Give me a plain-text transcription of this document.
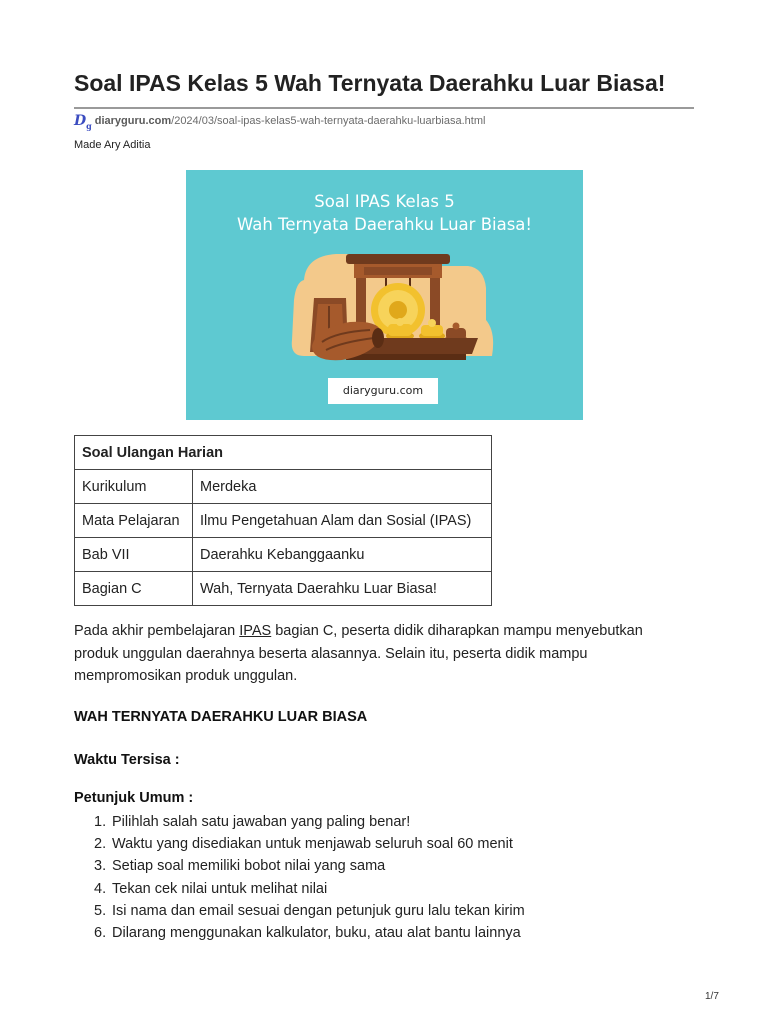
Soal IPAS Kelas 5 Wah Ternyata Daerahku Luar Biasa!
$D_g$ diaryguru.com/2024/03/soal-ipas-kelas5-wah-ternyata-daerahku-luarbiasa.html
Made Ary Aditia
Soal IPAS Kelas 5
Wah Ternyata Daerahku Luar Biasa!
diaryguru.com
Soal Ulangan Harian	
Kurikulum	Merdeka
Mata Pelajaran	Ilmu Pengetahuan Alam dan Sosial (IPAS)
Bab VII	Daerahku Kebanggaanku
Bagian C	Wah, Ternyata Daerahku Luar Biasa!
Pada akhir pembelajaran IPAS bagian C, peserta didik diharapkan mampu menyebutkan produk unggulan daerahnya beserta alasannya. Selain itu, peserta didik mampu mempromosikan produk unggulan.
WAH TERNYATA DAERAHKU LUAR BIASA
Waktu Tersisa :
Petunjuk Umum :
1. Pilihlah salah satu jawaban yang paling benar!
2. Waktu yang disediakan untuk menjawab seluruh soal 60 menit
3. Setiap soal memiliki bobot nilai yang sama
4. Tekan cek nilai untuk melihat nilai
5. Isi nama dan email sesuai dengan petunjuk guru lalu tekan kirim
6. Dilarang menggunakan kalkulator, buku, atau alat bantu lainnya
1/7
